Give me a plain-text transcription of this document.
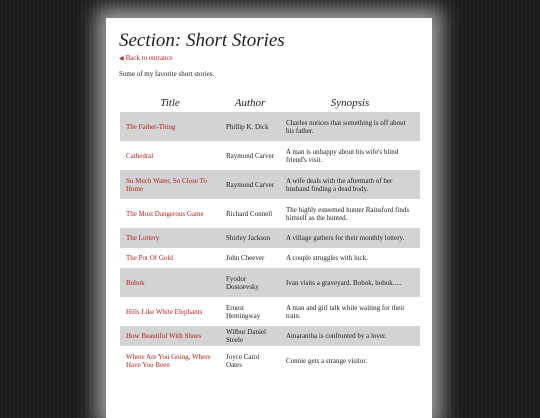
Section: Short Stories
◀ Back to entrance

Some of my favorite short stories.

Title	Author	Synopsis
The Father-Thing	Phillip K. Dick	Charles notices that something is off about his father.
Cathedral	Raymond Carver	A man is unhappy about his wife's blind friend's visit.
So Much Water, So Close To Home	Raymond Carver	A wife deals with the aftermath of her husband finding a dead body.
The Most Dangerous Game	Richard Connell	The highly esteemed hunter Rainsford finds himself as the hunted.
The Lottery	Shirley Jackson	A village gathers for their monthly lottery.
The Pot Of Gold	John Cheever	A couple struggles with luck.
Bobok	Fyodor Dostoevsky	Ivan visits a graveyard. Bobok, bobok.....
Hills Like White Elephants	Ernest Hemingway	A man and girl talk while waiting for their train.
How Beautiful With Shoes	Wilbur Daniel Steele	Amarantha is confronted by a lover.
Where Are You Going, Where Have You Been	Joyce Carol Oates	Connie gets a strange visitor.
